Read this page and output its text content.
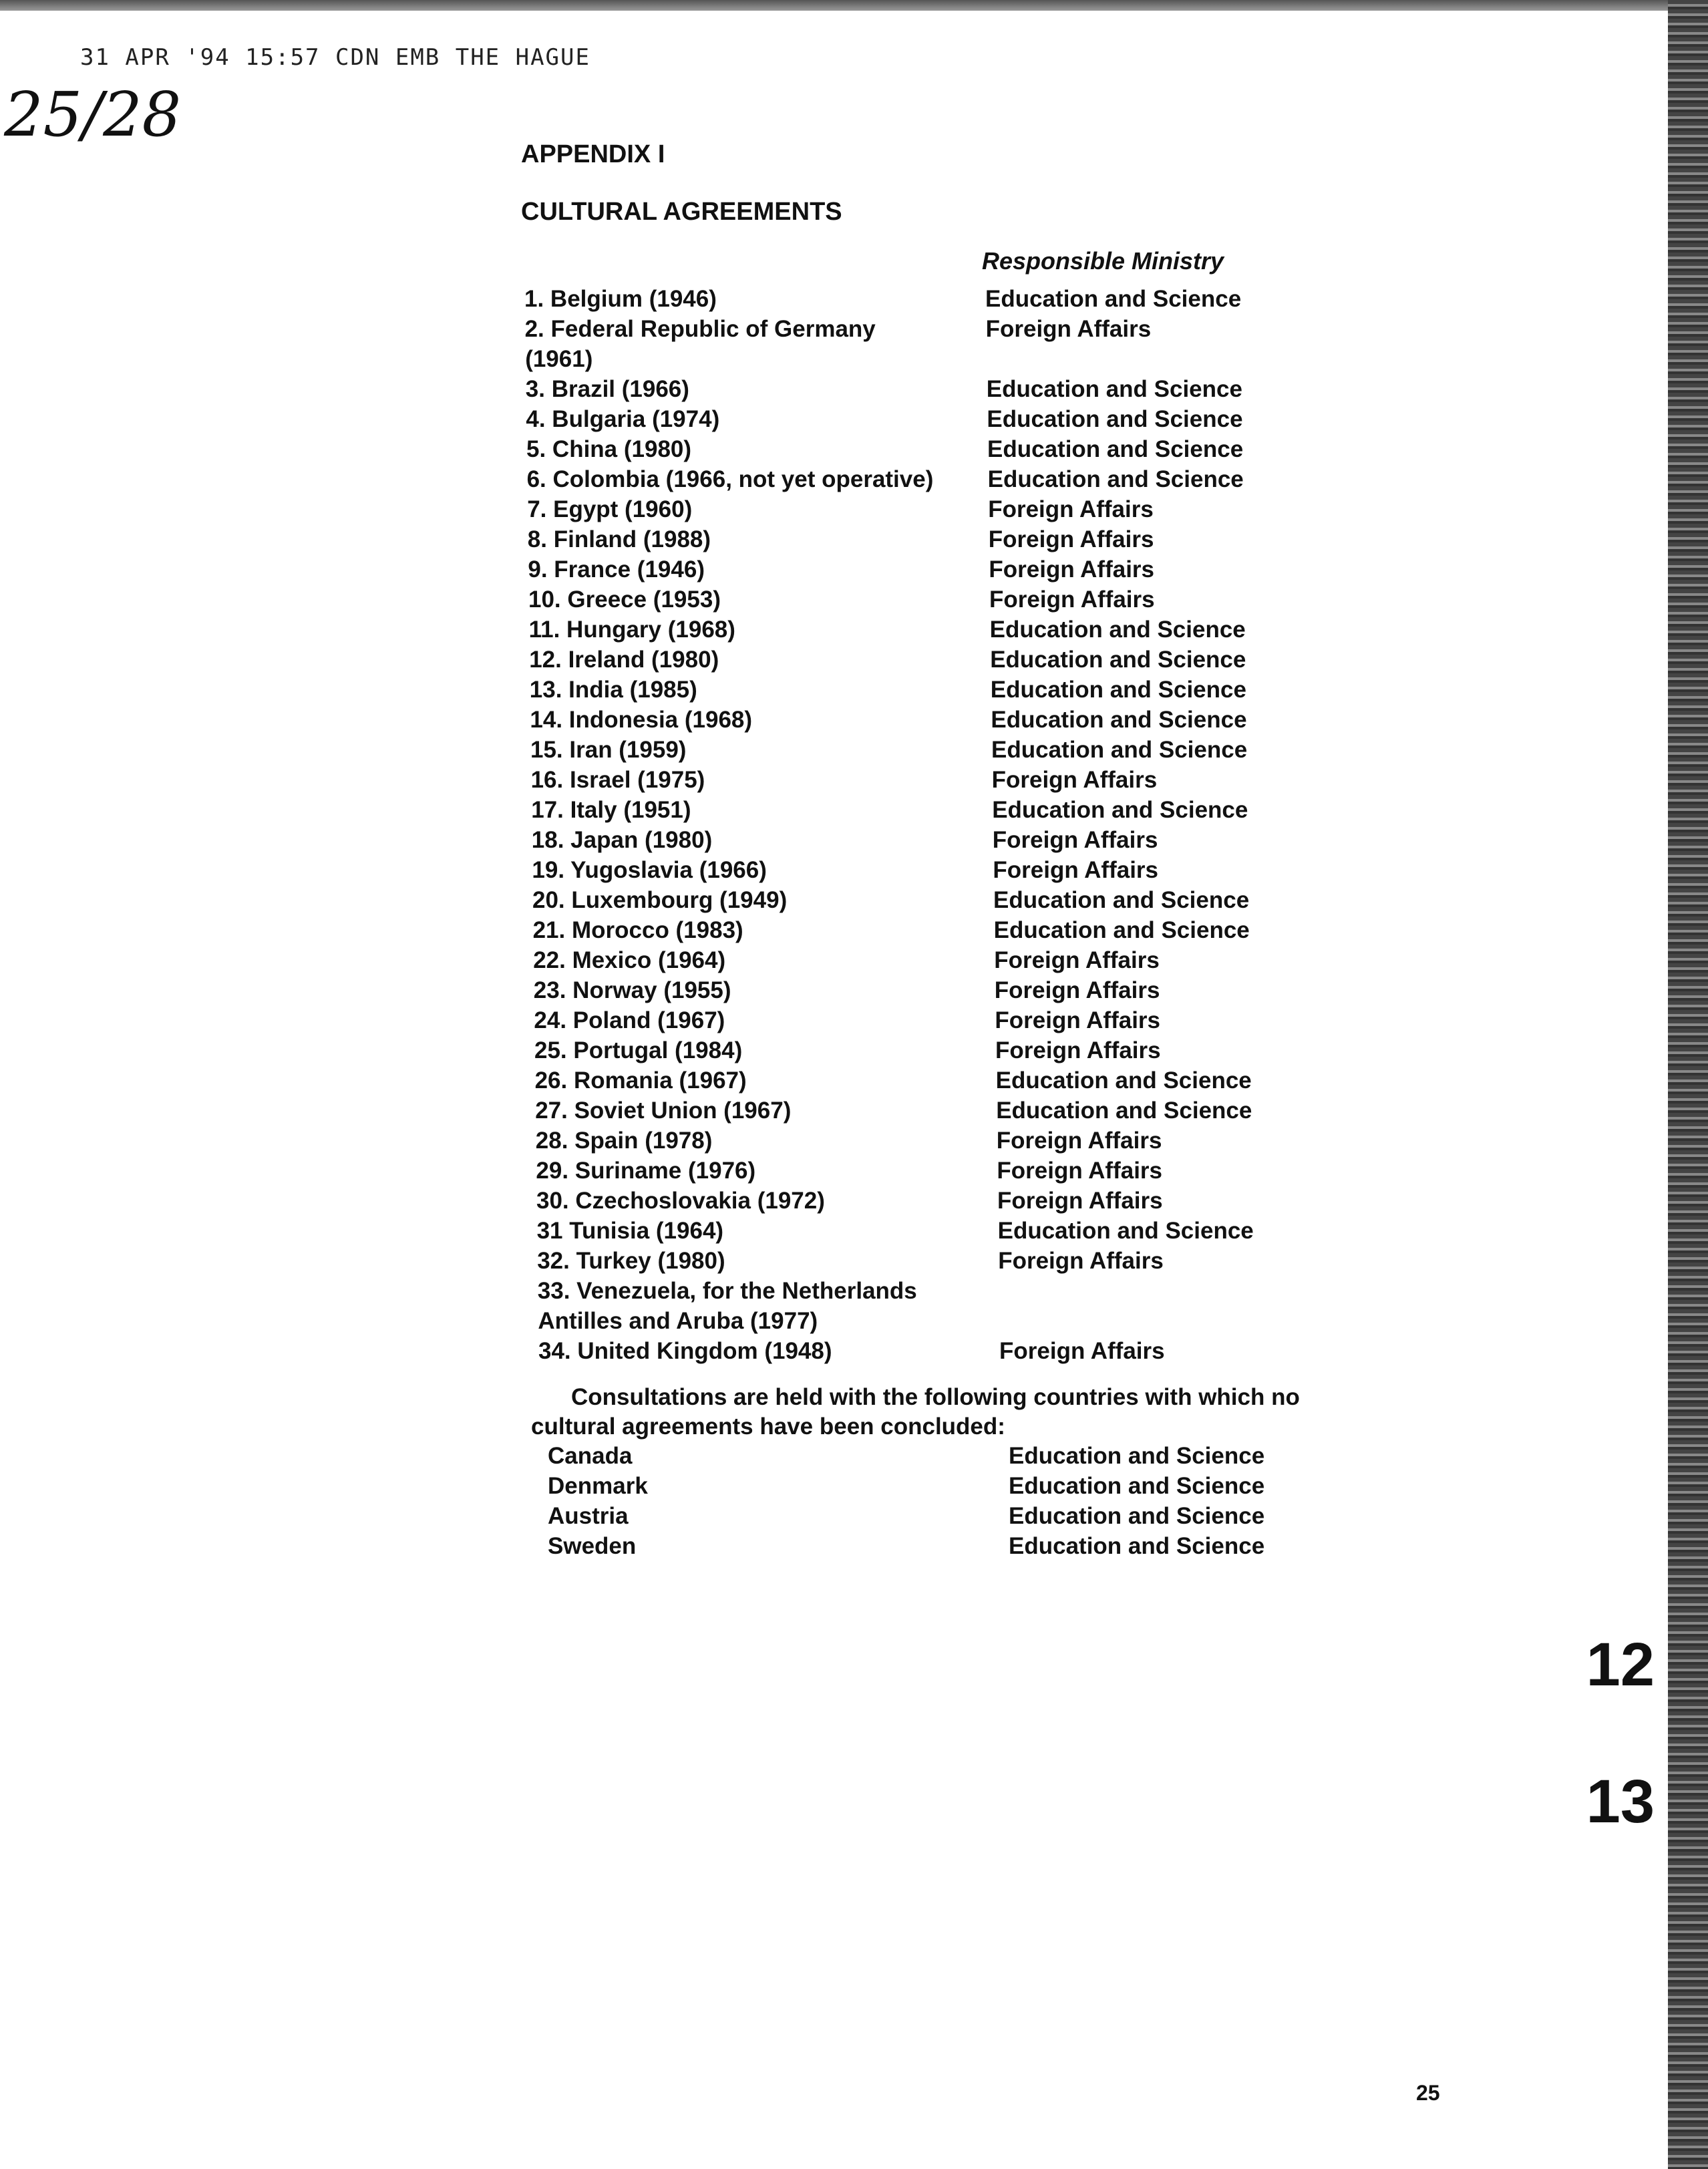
31 APR '94 15:57 CDN EMB THE HAGUE
25/28
APPENDIX I
CULTURAL AGREEMENTS
Responsible Ministry
1. Belgium (1946)	Education and Science
2. Federal Republic of Germany	Foreign Affairs
(1961)
3. Brazil (1966)	Education and Science
4. Bulgaria (1974)	Education and Science
5. China (1980)	Education and Science
6. Colombia (1966, not yet operative) Education and Science
7. Egypt (1960)	Foreign Affairs
8. Finland (1988)	Foreign Affairs
9. France (1946)	Foreign Affairs
10. Greece (1953)	Foreign Affairs
11. Hungary (1968)	Education and Science
12. Ireland (1980)	Education and Science
13. India (1985)	Education and Science
14. Indonesia (1968)	Education and Science
15. Iran (1959)	Education and Science
16. Israel (1975)	Foreign Affairs
17. Italy (1951)	Education and Science
18. Japan (1980)	Foreign Affairs
19. Yugoslavia (1966)	Foreign Affairs
20. Luxembourg (1949)	Education and Science
21. Morocco (1983)	Education and Science
22. Mexico (1964)	Foreign Affairs
23. Norway (1955)	Foreign Affairs
24. Poland (1967)	Foreign Affairs
25. Portugal (1984)	Foreign Affairs
26. Romania (1967)	Education and Science
27. Soviet Union (1967)	Education and Science
28. Spain (1978)	Foreign Affairs
29. Suriname (1976)	Foreign Affairs
30. Czechoslovakia (1972)	Foreign Affairs
31 Tunisia (1964)	Education and Science
32. Turkey (1980)	Foreign Affairs
33. Venezuela, for the Netherlands
Antilles and Aruba (1977)
34. United Kingdom (1948)	Foreign Affairs
Consultations are held with the following countries with which no
cultural agreements have been concluded:
Canada	Education and Science
Denmark	Education and Science
Austria	Education and Science
Sweden	Education and Science
12
13
25
